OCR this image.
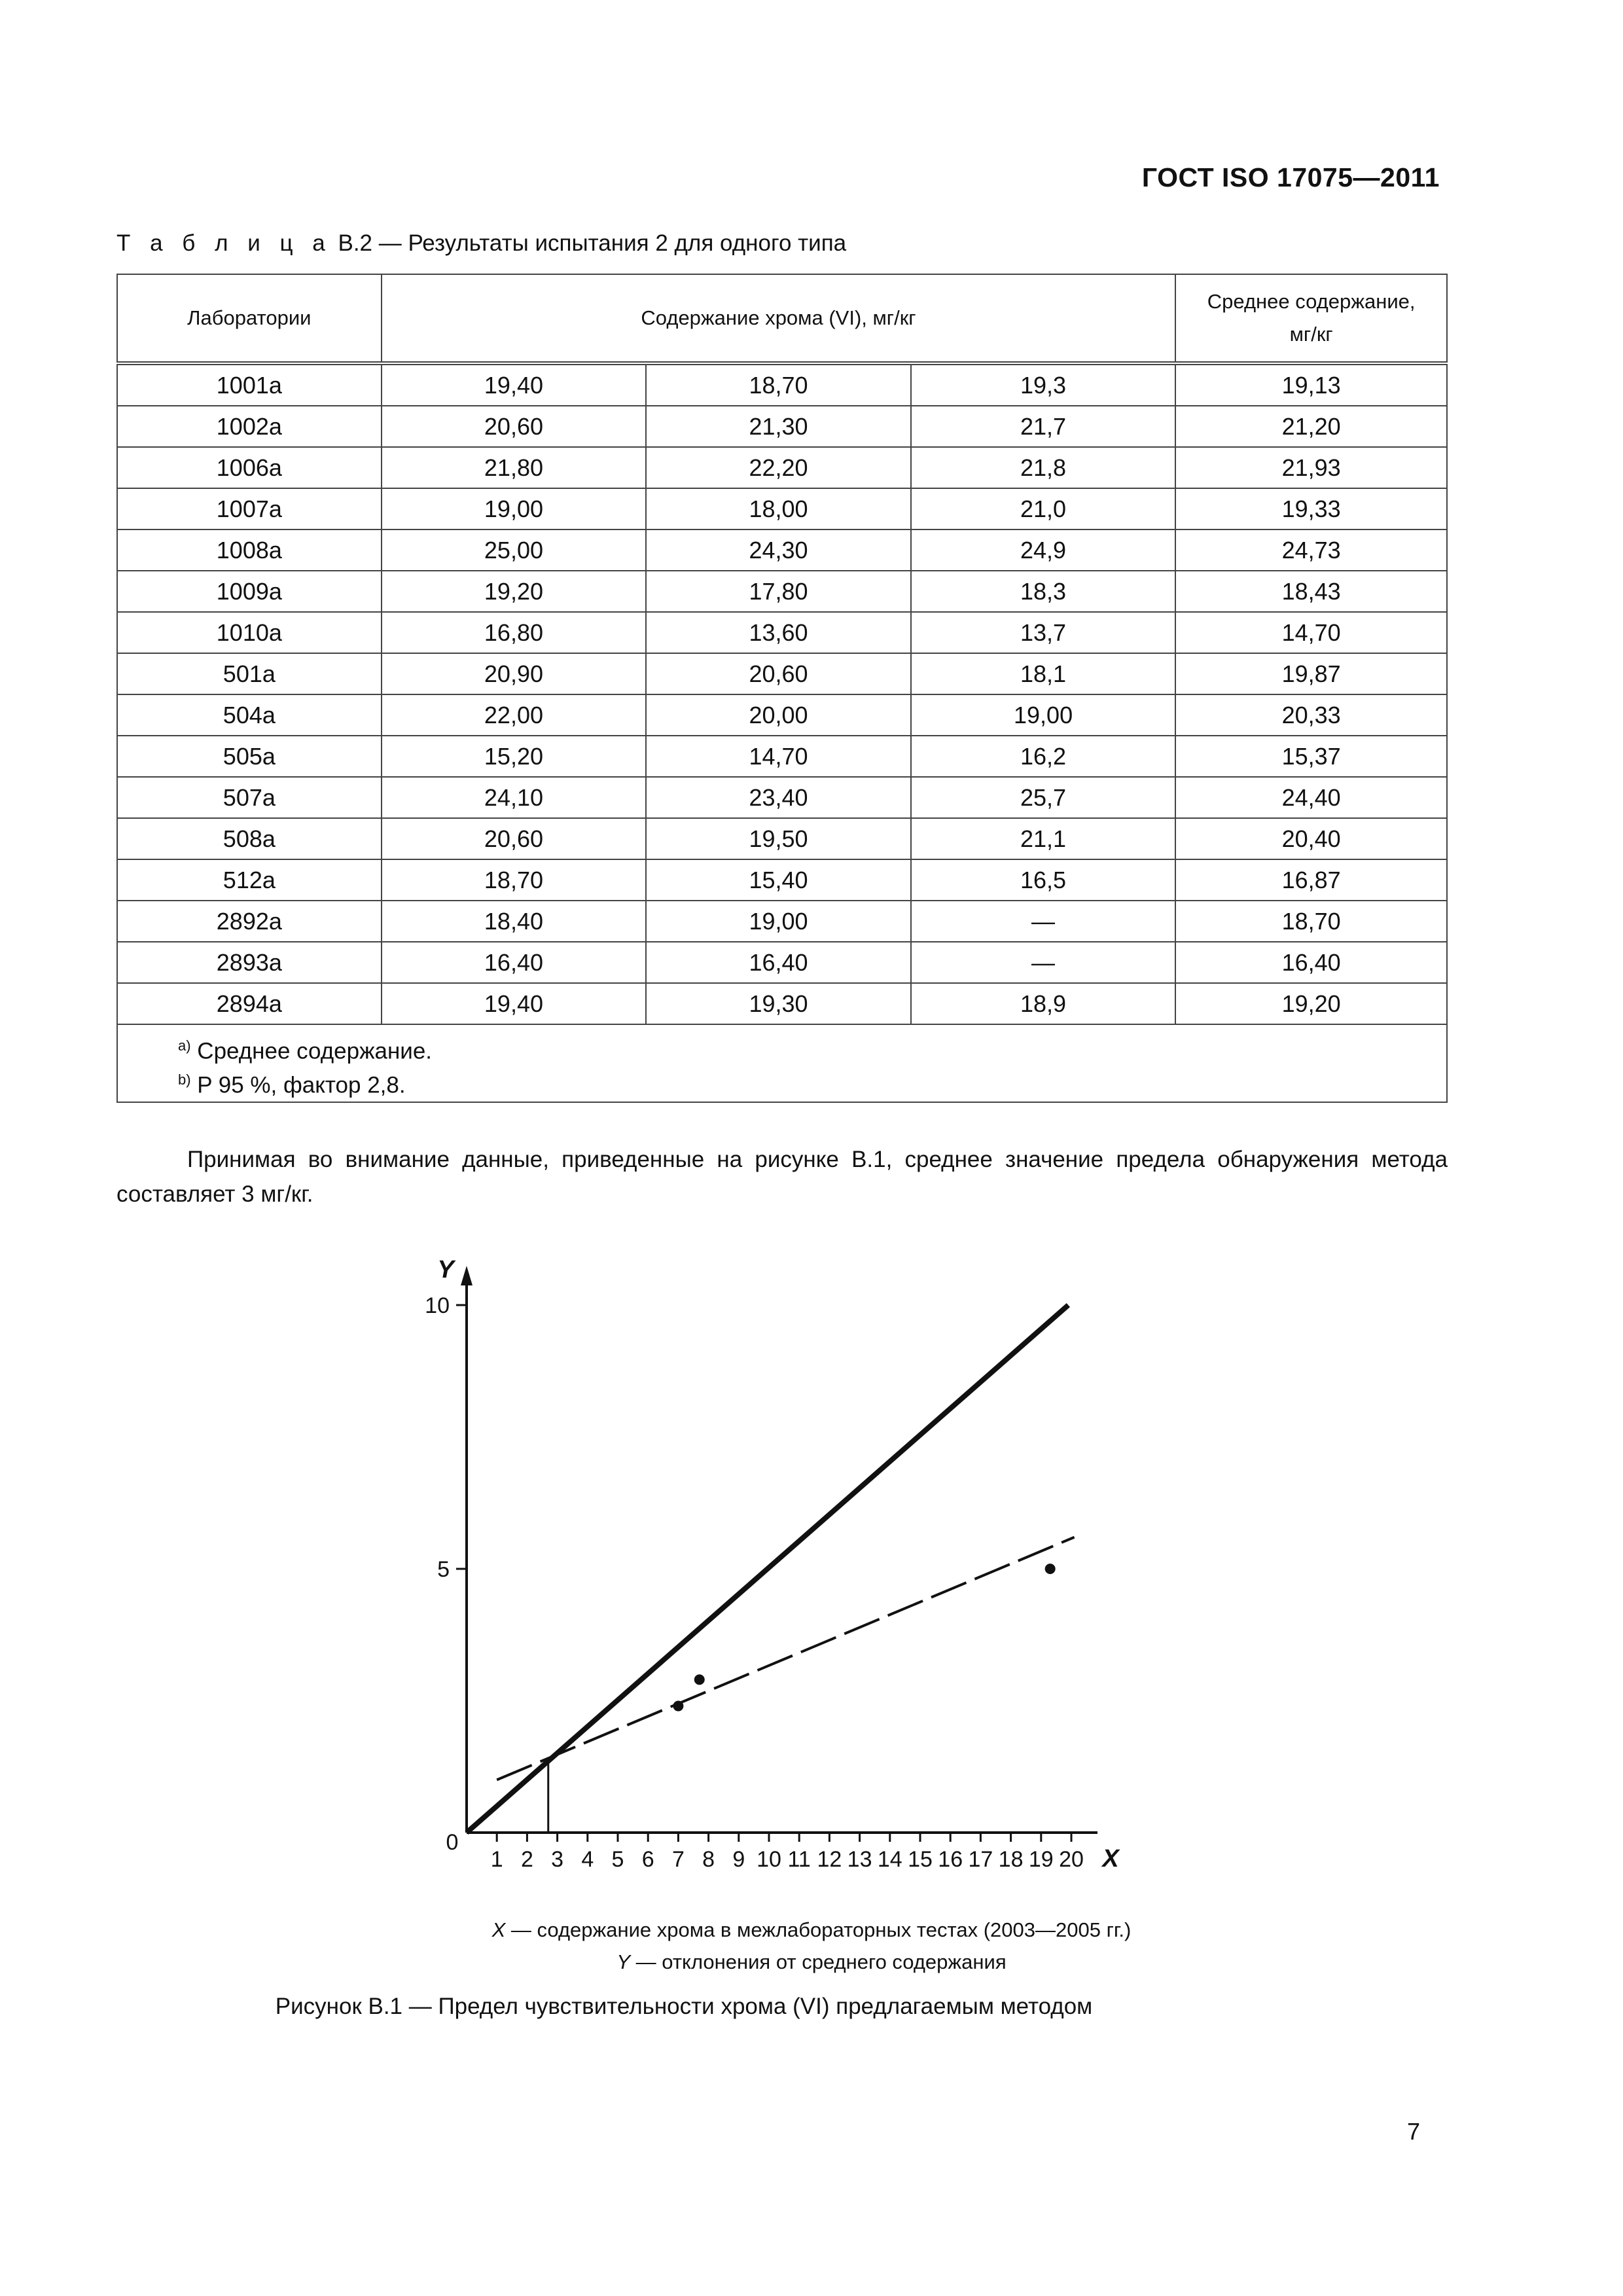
ГОСТ ISO 17075—2011
Т а б л и ц а В.2 — Результаты испытания 2 для одного типа
Лаборатории	Содержание хрома (VI), мг/кг			Среднее содержание,
мг/кг
1001a	19,40	18,70	19,3	19,13
1002a	20,60	21,30	21,7	21,20
1006a	21,80	22,20	21,8	21,93
1007a	19,00	18,00	21,0	19,33
1008a	25,00	24,30	24,9	24,73
1009a	19,20	17,80	18,3	18,43
1010a	16,80	13,60	13,7	14,70
501a	20,90	20,60	18,1	19,87
504a	22,00	20,00	19,00	20,33
505a	15,20	14,70	16,2	15,37
507a	24,10	23,40	25,7	24,40
508a	20,60	19,50	21,1	20,40
512a	18,70	15,40	16,5	16,87
2892a	18,40	19,00	—	18,70
2893a	16,40	16,40	—	16,40
2894a	19,40	19,30	18,9	19,20

$^{a)}$ Среднее содержание.
$^{b)}$ P 95 %, фактор 2,8.				
Принимая во внимание данные, приведенные на рисунке В.1, среднее значение предела обнаружения метода составляет 3 мг/кг.
Y
X
0
1 2 3 4 5 6 7 8 9 10 11 12 13 14 15 16 17 18 19 20
5
10
X — содержание хрома в межлабораторных тестах (2003—2005 гг.)
Y — отклонения от среднего содержания
Рисунок В.1 — Предел чувствительности хрома (VI) предлагаемым методом
7
